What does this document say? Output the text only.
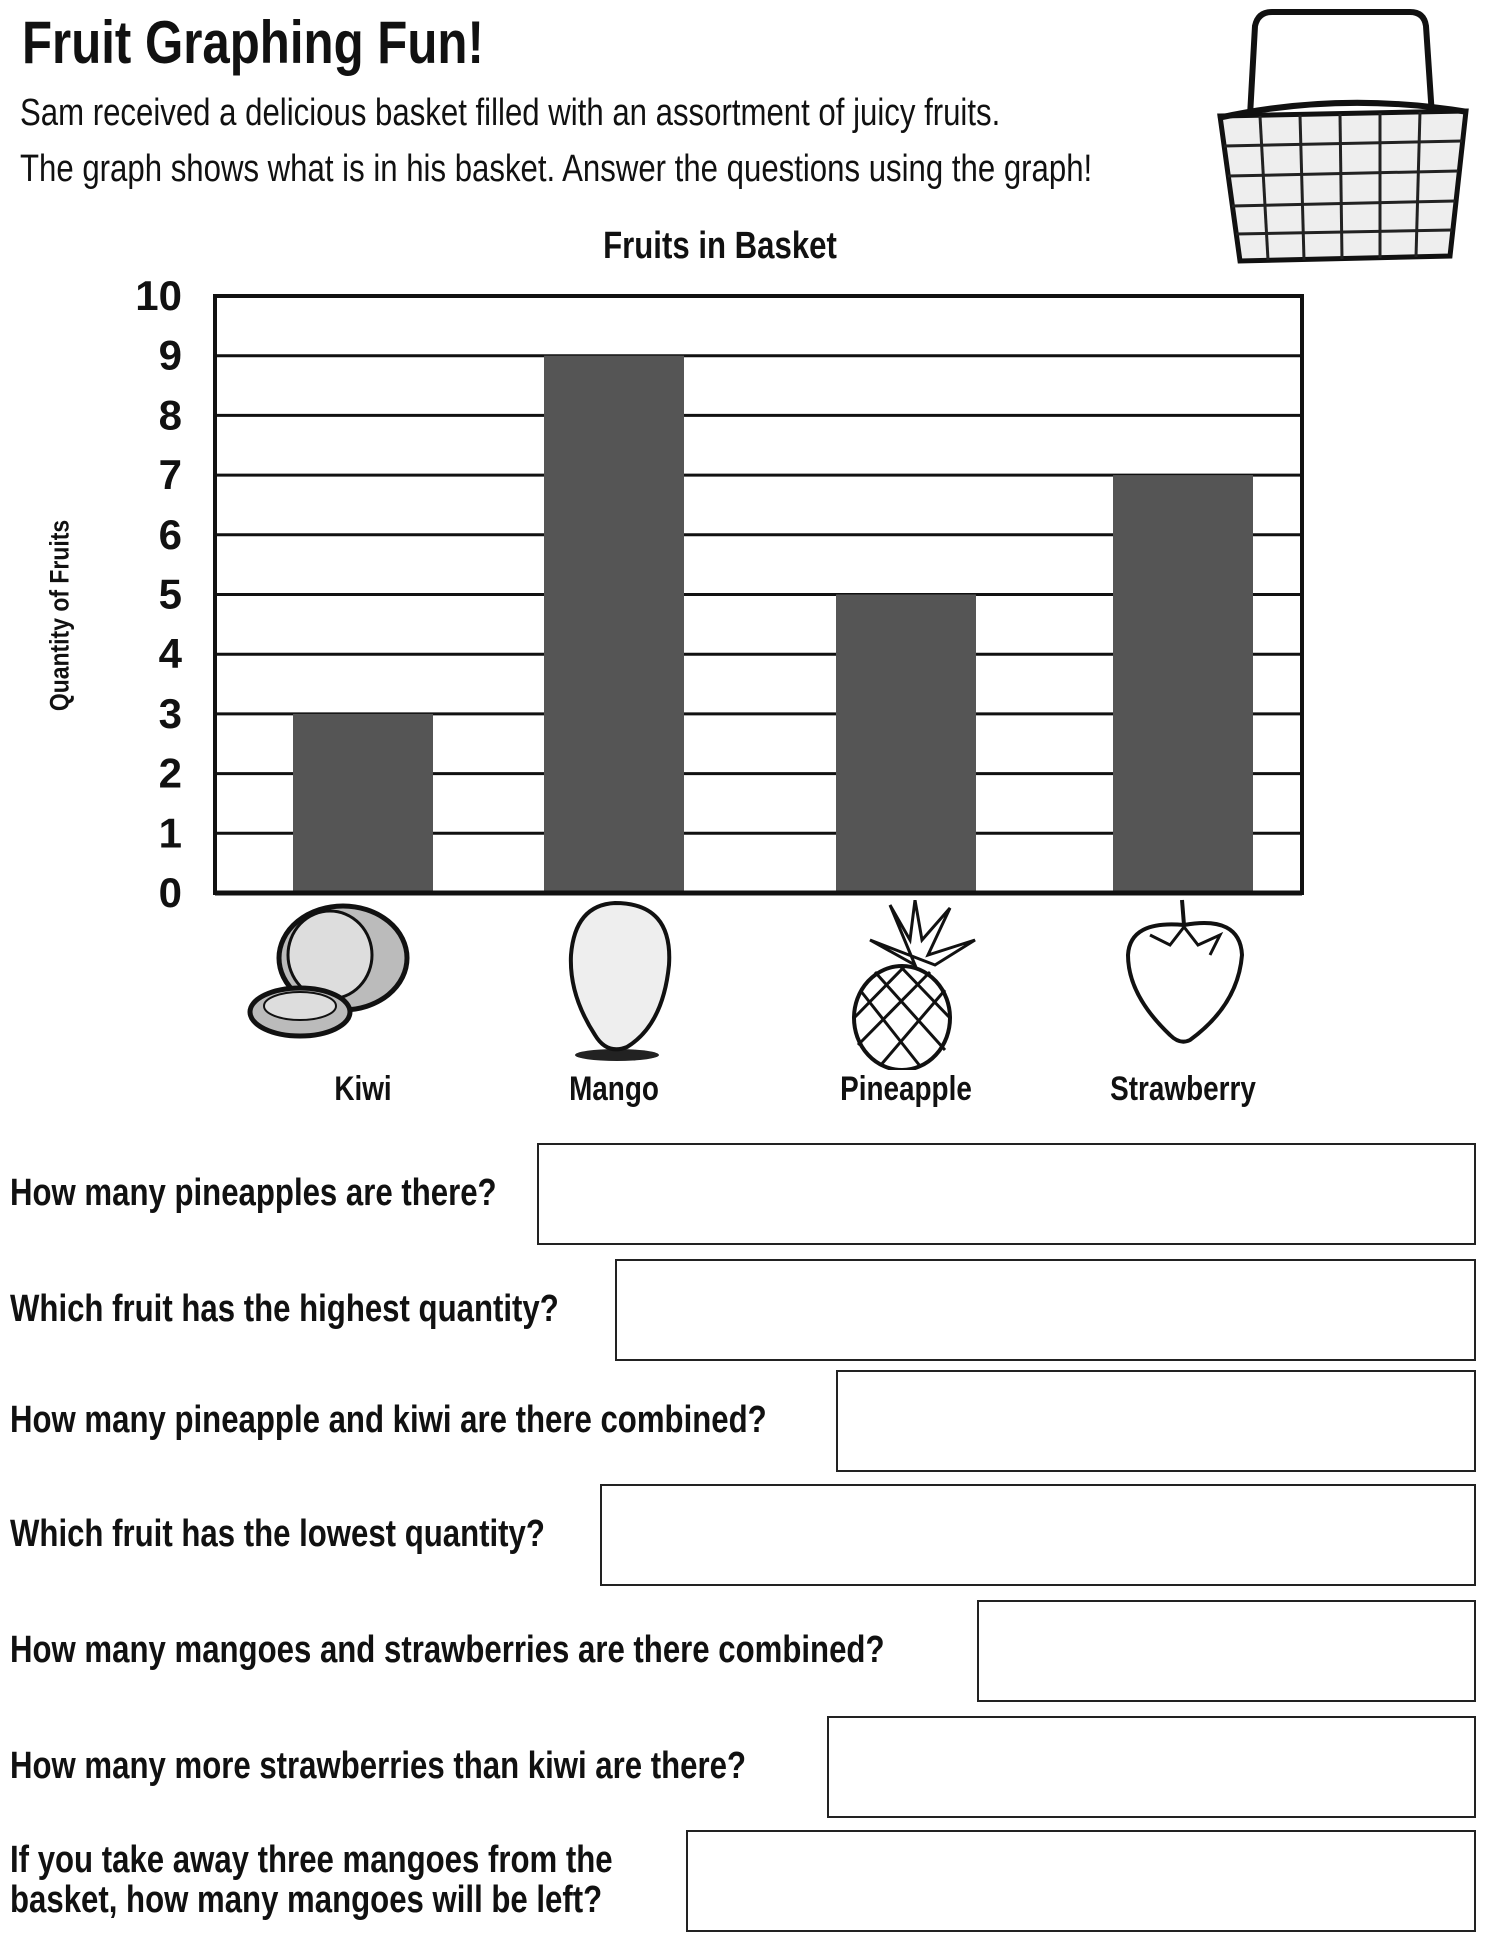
Fruit Graphing Fun!
Sam received a delicious basket filled with an assortment of juicy fruits.
The graph shows what is in his basket. Answer the questions using the graph!
Fruits in Basket
Quantity of Fruits
0
1
2
3
4
5
6
7
8
9
10
Kiwi	Mango	Pineapple	Strawberry
How many pineapples are there?
Which fruit has the highest quantity?
How many pineapple and kiwi are there combined?
Which fruit has the lowest quantity?
How many mangoes and strawberries are there combined?
How many more strawberries than kiwi are there?
If you take away three mangoes from the
basket, how many mangoes will be left?
